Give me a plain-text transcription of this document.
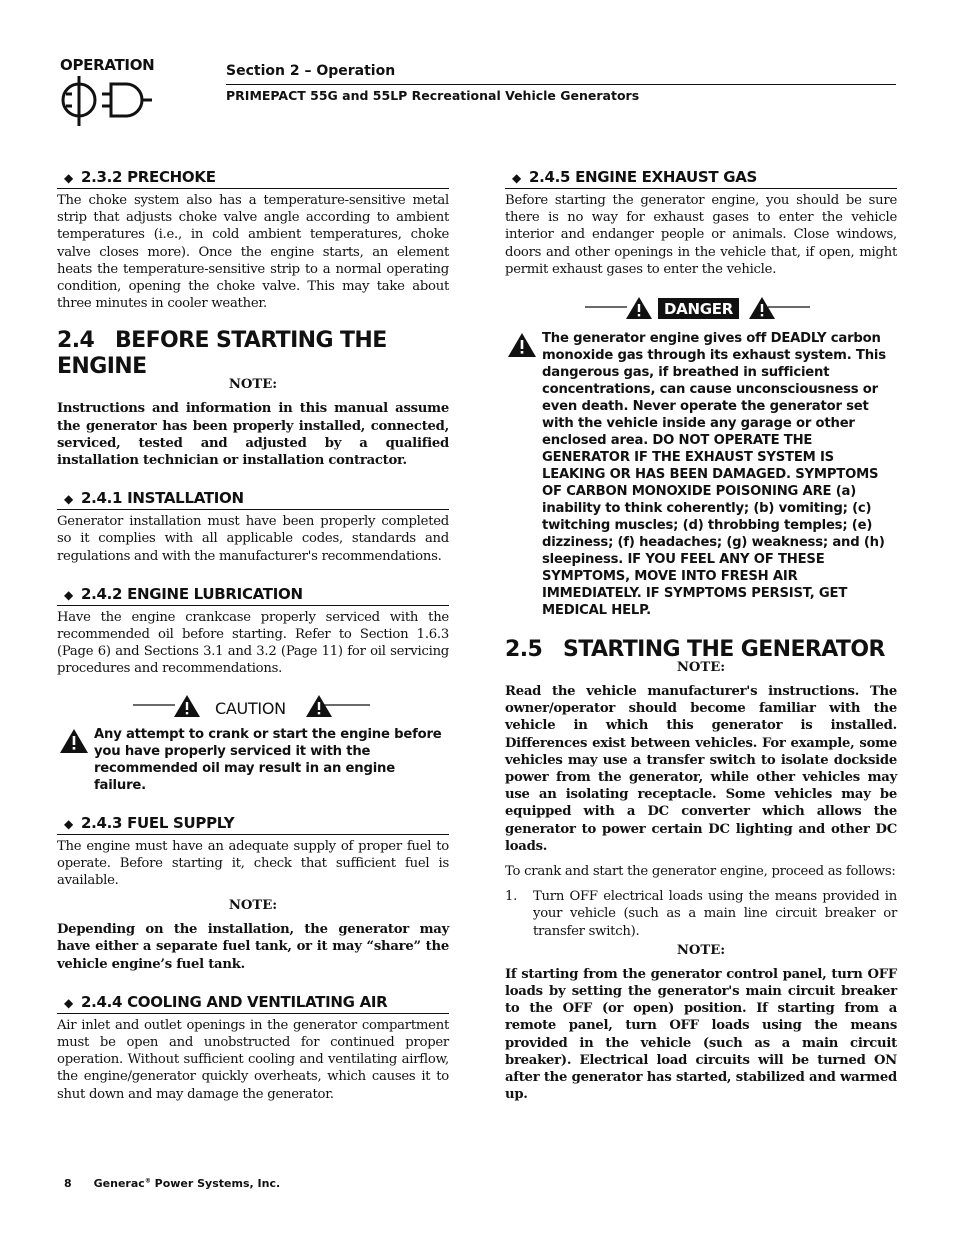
OPERATION	Section 2 – Operation
PRIMEPACT 55G and 55LP Recreational Vehicle Generators
◆ 2.3.2 PRECHOKE

The choke system also has a temperature-sensitive metal strip that adjusts choke valve angle according to ambient temperatures (i.e., in cold ambient temperatures, choke valve closes more). Once the engine starts, an element heats the temperature-sensitive strip to a normal operating condition, opening the choke valve. This may take about three minutes in cooler weather.

2.4 BEFORE STARTING THE ENGINE

NOTE:

Instructions and information in this manual assume the generator has been properly installed, connected, serviced, tested and adjusted by a qualified installation technician or installation contractor.

◆ 2.4.1 INSTALLATION

Generator installation must have been properly completed so it complies with all applicable codes, standards and regulations and with the manufacturer's recommendations.

◆ 2.4.2 ENGINE LUBRICATION

Have the engine crankcase properly serviced with the recommended oil before starting. Refer to Section 1.6.3 (Page 6) and Sections 3.1 and 3.2 (Page 11) for oil servicing procedures and recommendations.

CAUTION
Any attempt to crank or start the engine before you have properly serviced it with the recommended oil may result in an engine failure.
◆ 2.4.3 FUEL SUPPLY

The engine must have an adequate supply of proper fuel to operate. Before starting it, check that sufficient fuel is available.

NOTE:

Depending on the installation, the generator may have either a separate fuel tank, or it may “share” the vehicle engine’s fuel tank.

◆ 2.4.4 COOLING AND VENTILATING AIR

Air inlet and outlet openings in the generator compartment must be open and unobstructed for continued proper operation. Without sufficient cooling and ventilating airflow, the engine/generator quickly overheats, which causes it to shut down and may damage the generator.

◆ 2.4.5 ENGINE EXHAUST GAS

Before starting the generator engine, you should be sure there is no way for exhaust gases to enter the vehicle interior and endanger people or animals. Close windows, doors and other openings in the vehicle that, if open, might permit exhaust gases to enter the vehicle.

DANGER
The generator engine gives off DEADLY carbon monoxide gas through its exhaust system. This dangerous gas, if breathed in sufficient concentrations, can cause unconsciousness or even death. Never operate the generator set with the vehicle inside any garage or other enclosed area. DO NOT OPERATE THE GENERATOR IF THE EXHAUST SYSTEM IS LEAKING OR HAS BEEN DAMAGED. SYMPTOMS OF CARBON MONOXIDE POISONING ARE (a) inability to think coherently; (b) vomiting; (c) twitching muscles; (d) throbbing temples; (e) dizziness; (f) headaches; (g) weakness; and (h) sleepiness. IF YOU FEEL ANY OF THESE SYMPTOMS, MOVE INTO FRESH AIR IMMEDIATELY. IF SYMPTOMS PERSIST, GET MEDICAL HELP.
2.5 STARTING THE GENERATOR

NOTE:

Read the vehicle manufacturer's instructions. The owner/operator should become familiar with the vehicle in which this generator is installed. Differences exist between vehicles. For example, some vehicles may use a transfer switch to isolate dockside power from the generator, while other vehicles may use an isolating receptacle. Some vehicles may be equipped with a DC converter which allows the generator to power certain DC lighting and other DC loads.

To crank and start the generator engine, proceed as follows:

1.	Turn OFF electrical loads using the means provided in your vehicle (such as a main line circuit breaker or transfer switch).

NOTE:

If starting from the generator control panel, turn OFF loads by setting the generator's main circuit breaker to the OFF (or open) position. If starting from a remote panel, turn OFF loads using the means provided in the vehicle (such as a main circuit breaker). Electrical load circuits will be turned ON after the generator has started, stabilized and warmed up.

8 Generac® Power Systems, Inc.
